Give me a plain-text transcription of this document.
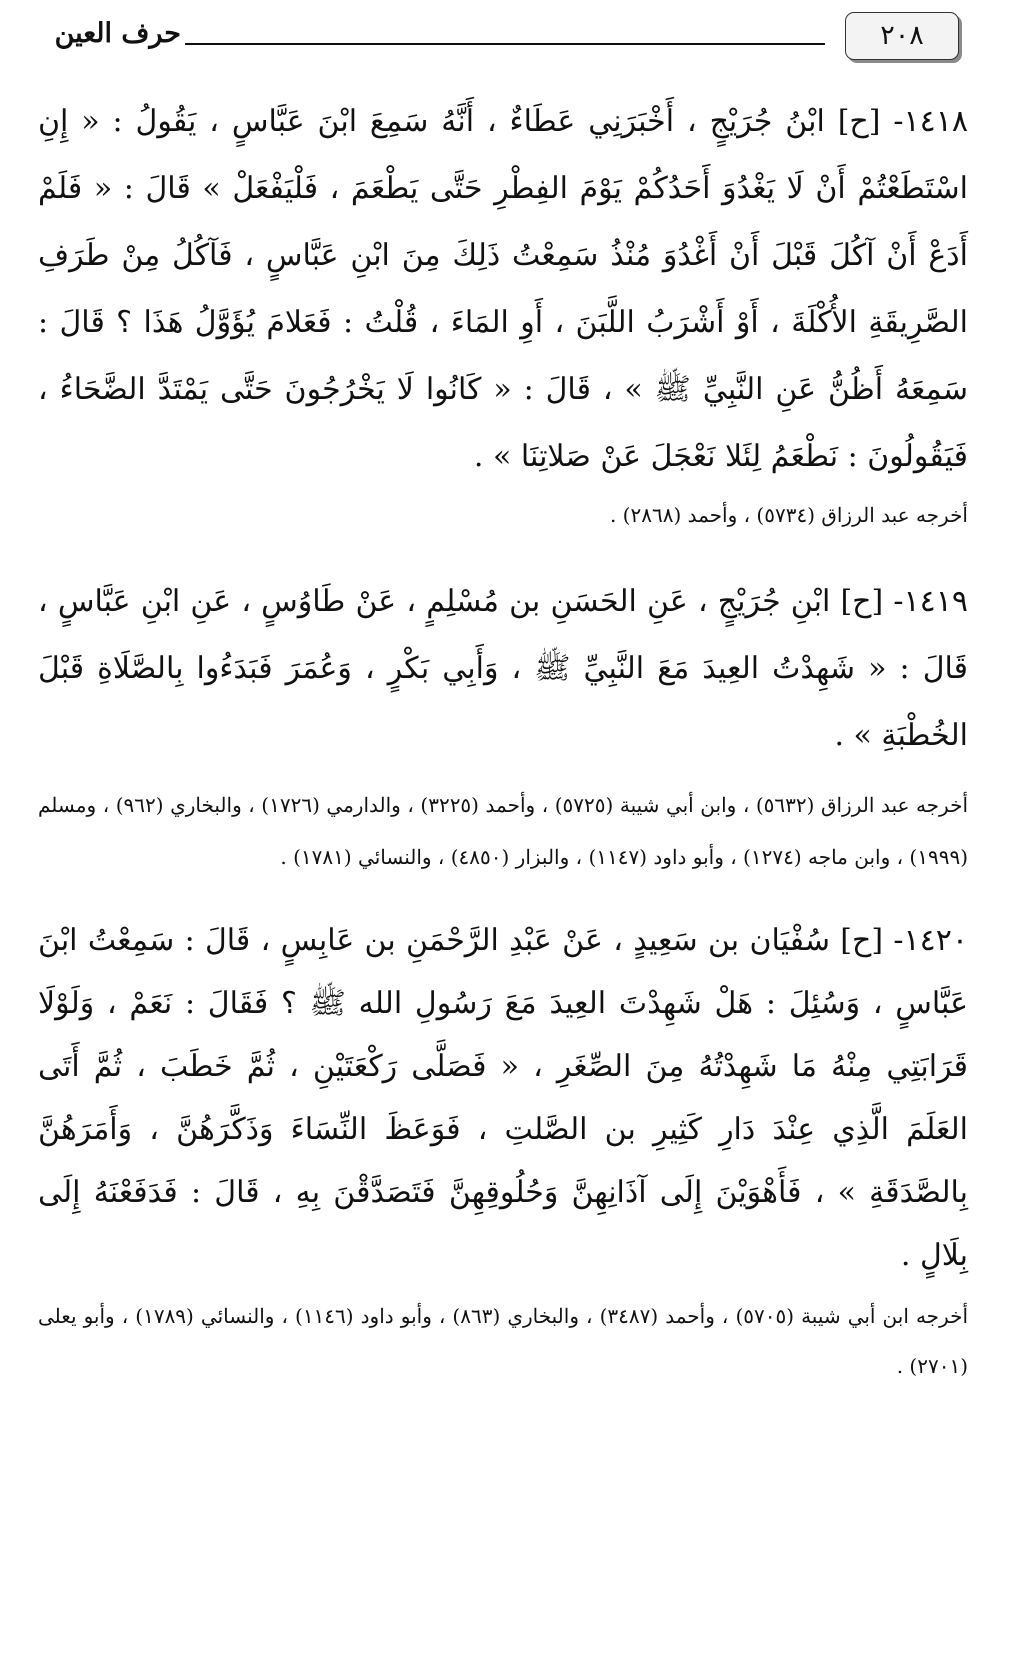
٢٠٨
حرف العين

١٤١٨- [ح] ابْنُ جُرَيْجٍ ، أَخْبَرَنِي عَطَاءٌ ، أَنَّهُ سَمِعَ ابْنَ عَبَّاسٍ ، يَقُولُ : « إِنِ اسْتَطَعْتُمْ أَنْ لَا يَغْدُوَ أَحَدُكُمْ يَوْمَ الفِطْرِ حَتَّى يَطْعَمَ ، فَلْيَفْعَلْ » قَالَ : « فَلَمْ أَدَعْ أَنْ آكُلَ قَبْلَ أَنْ أَغْدُوَ مُنْذُ سَمِعْتُ ذَلِكَ مِنَ ابْنِ عَبَّاسٍ ، فَآكُلُ مِنْ طَرَفِ الصَّرِيقَةِ الأُكْلَةَ ، أَوْ أَشْرَبُ اللَّبَنَ ، أَوِ المَاءَ ، قُلْتُ : فَعَلامَ يُؤَوَّلُ هَذَا ؟ قَالَ : سَمِعَهُ أَظُنُّ عَنِ النَّبِيِّ ﷺ » ، قَالَ : « كَانُوا لَا يَخْرُجُونَ حَتَّى يَمْتَدَّ الضَّحَاءُ ، فَيَقُولُونَ : نَطْعَمُ لِئَلا نَعْجَلَ عَنْ صَلاتِنَا » .

أخرجه عبد الرزاق (٥٧٣٤) ، وأحمد (٢٨٦٨) .

١٤١٩- [ح] ابْنِ جُرَيْجٍ ، عَنِ الحَسَنِ بن مُسْلِمٍ ، عَنْ طَاوُسٍ ، عَنِ ابْنِ عَبَّاسٍ ، قَالَ : « شَهِدْتُ العِيدَ مَعَ النَّبِيِّ ﷺ ، وَأَبِي بَكْرٍ ، وَعُمَرَ فَبَدَءُوا بِالصَّلَاةِ قَبْلَ الخُطْبَةِ » .

أخرجه عبد الرزاق (٥٦٣٢) ، وابن أبي شيبة (٥٧٢٥) ، وأحمد (٣٢٢٥) ، والدارمي (١٧٢٦) ، والبخاري (٩٦٢) ، ومسلم (١٩٩٩) ، وابن ماجه (١٢٧٤) ، وأبو داود (١١٤٧) ، والبزار (٤٨٥٠) ، والنسائي (١٧٨١) .

١٤٢٠- [ح] سُفْيَان بن سَعِيدٍ ، عَنْ عَبْدِ الرَّحْمَنِ بن عَابِسٍ ، قَالَ : سَمِعْتُ ابْنَ عَبَّاسٍ ، وَسُئِلَ : هَلْ شَهِدْتَ العِيدَ مَعَ رَسُولِ الله ﷺ ؟ فَقَالَ : نَعَمْ ، وَلَوْلَا قَرَابَتِي مِنْهُ مَا شَهِدْتُهُ مِنَ الصِّغَرِ ، « فَصَلَّى رَكْعَتَيْنِ ، ثُمَّ خَطَبَ ، ثُمَّ أَتَى العَلَمَ الَّذِي عِنْدَ دَارِ كَثِيرِ بن الصَّلتِ ، فَوَعَظَ النِّسَاءَ وَذَكَّرَهُنَّ ، وَأَمَرَهُنَّ بِالصَّدَقَةِ » ، فَأَهْوَيْنَ إِلَى آذَانِهِنَّ وَحُلُوقِهِنَّ فَتَصَدَّقْنَ بِهِ ، قَالَ : فَدَفَعْنَهُ إِلَى بِلَالٍ .

أخرجه ابن أبي شيبة (٥٧٠٥) ، وأحمد (٣٤٨٧) ، والبخاري (٨٦٣) ، وأبو داود (١١٤٦) ، والنسائي (١٧٨٩) ، وأبو يعلى (٢٧٠١) .
